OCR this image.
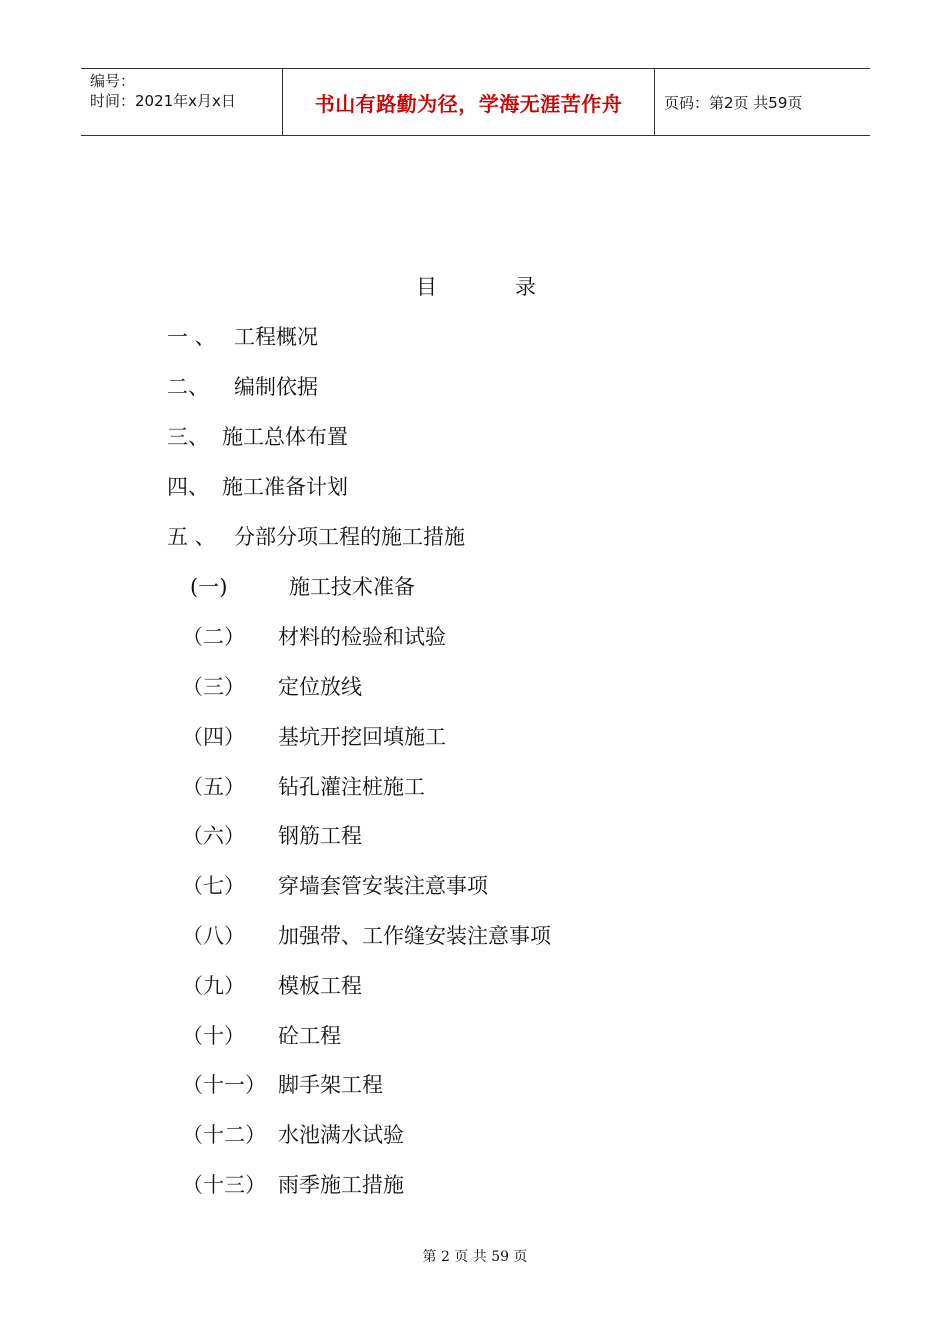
编号：
时间：2021年x月x日	书山有路勤为径，学海无涯苦作舟	页码：第2页 共59页
目	录
一 、 工程概况
二、 编制依据
三、 施工总体布置
四、 施工准备计划
五 、 分部分项工程的施工措施
(一)	施工技术准备
（二） 材料的检验和试验
（三） 定位放线
（四） 基坑开挖回填施工
（五） 钻孔灌注桩施工
（六） 钢筋工程
（七） 穿墙套管安装注意事项
（八） 加强带、工作缝安装注意事项
（九） 模板工程
（十） 砼工程
（十一） 脚手架工程
（十二） 水池满水试验
（十三） 雨季施工措施
第 2 页 共 59 页
